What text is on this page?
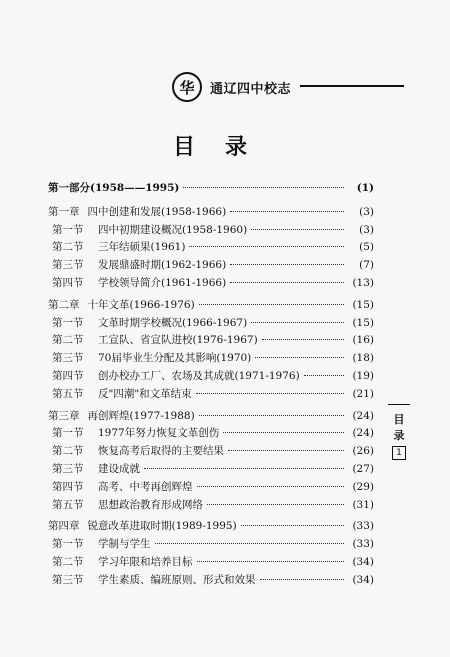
华	通辽四中校志
目录
第一部分(1958——1995)	(1)
第一章 四中创建和发展(1958-1966)	(3)
第一节	四中初期建设概况(1958-1960)	(3)
第二节	三年结硕果(1961)	(5)
第三节	发展鼎盛时期(1962-1966)	(7)
第四节	学校领导简介(1961-1966)	(13)
第二章 十年文革(1966-1976)	(15)
第一节	文革时期学校概况(1966-1967)	(15)
第二节	工宣队、省宣队进校(1976-1967)	(16)
第三节	70届毕业生分配及其影响(1970)	(18)
第四节	创办校办工厂、农场及其成就(1971-1976)	(19)
第五节	反"四潮"和文革结束	(21)
第三章 再创辉煌(1977-1988)	(24)
第一节	1977年努力恢复文革创伤	(24)
第二节	恢复高考后取得的主要结果	(26)
第三节	建设成就	(27)
第四节	高考、中考再创辉煌	(29)
第五节	思想政治教育形成网络	(31)
第四章 锐意改革进取时期(1989-1995)	(33)
第一节	学制与学生	(33)
第二节	学习年限和培养目标	(34)
第三节	学生素质、编班原则、形式和效果	(34)
目
录
1
